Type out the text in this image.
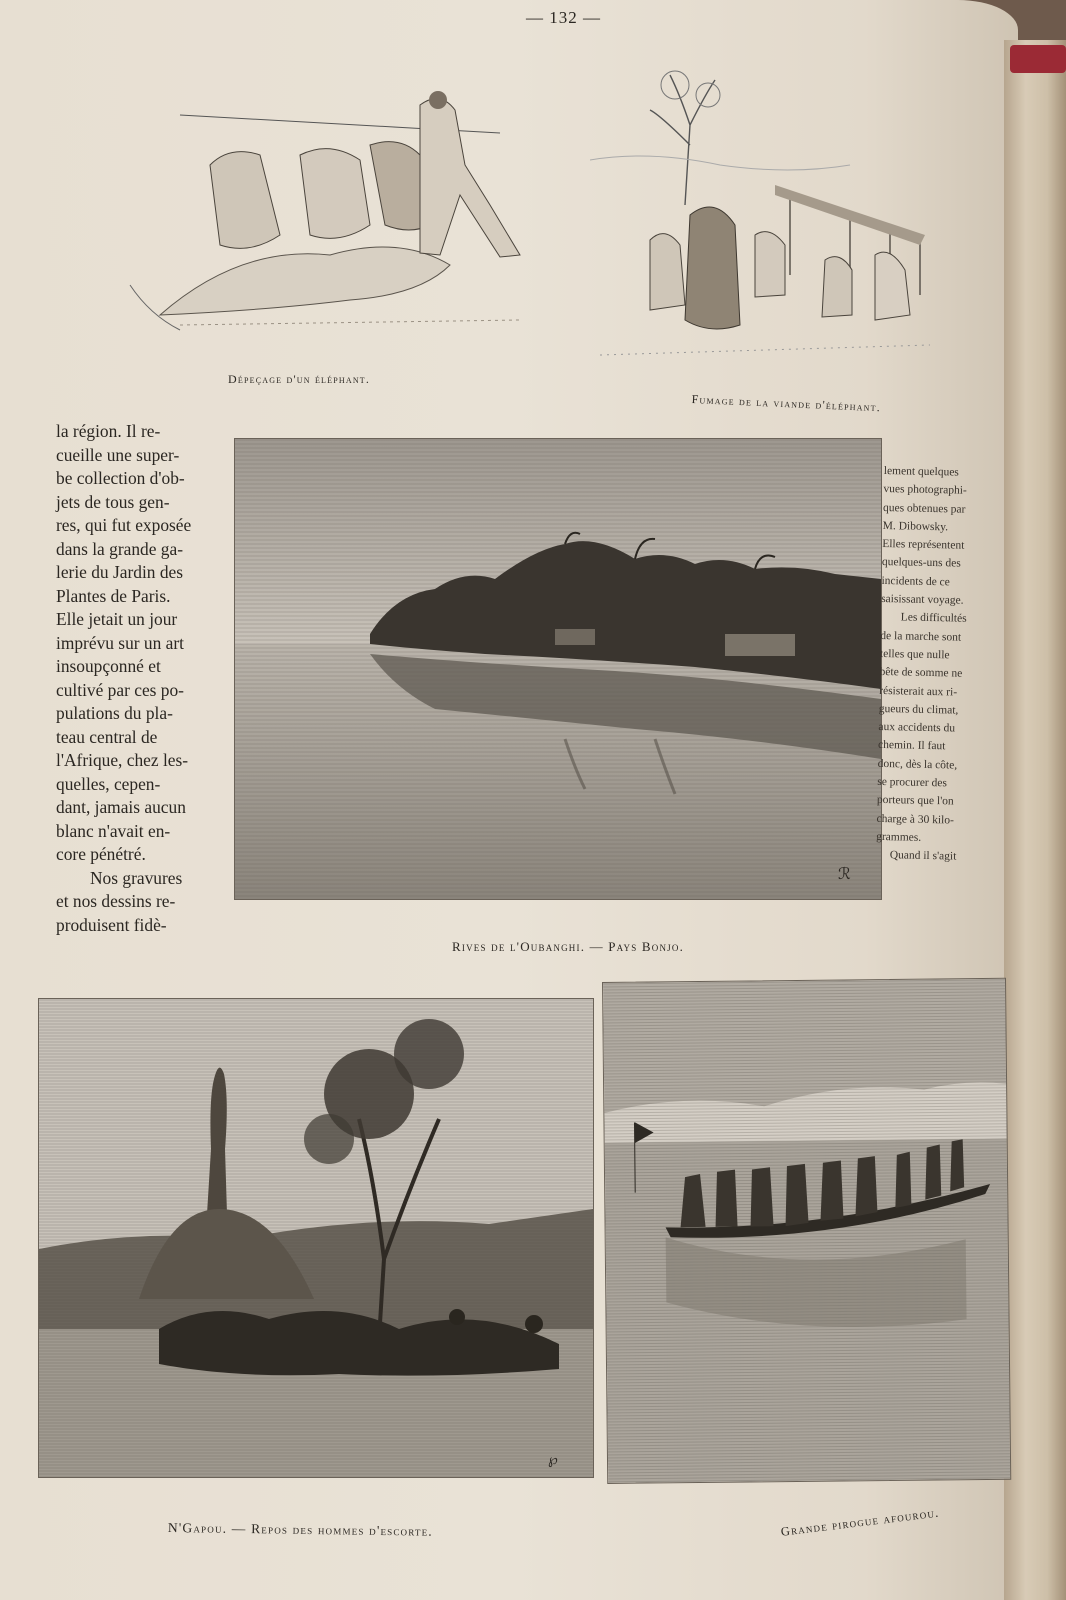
— 132 —
Dépeçage d'un éléphant.
Fumage de la viande d'éléphant.
la région. Il re-
cueille une super-
be collection d'ob-
jets de tous gen-
res, qui fut exposée
dans la grande ga-
lerie du Jardin des
Plantes de Paris.
Elle jetait un jour
imprévu sur un art
insoupçonné et
cultivé par ces po-
pulations du pla-
teau central de
l'Afrique, chez les-
quelles, cepen-
dant, jamais aucun
blanc n'avait en-
core pénétré.
Nos gravures
et nos dessins re-
produisent fidè-
ℛ
lement quelques
vues photographi-
ques obtenues par
M. Dibowsky.
Elles représentent
quelques-uns des
incidents de ce
saisissant voyage.
Les difficultés
de la marche sont
telles que nulle
bête de somme ne
résisterait aux ri-
gueurs du climat,
aux accidents du
chemin. Il faut
donc, dès la côte,
se procurer des
porteurs que l'on
charge à 30 kilo-
grammes.
Quand il s'agit
Rives de l'Oubanghi. — Pays Bonjo.
℘
N'Gapou. — Repos des hommes d'escorte.	Grande pirogue afourou.
